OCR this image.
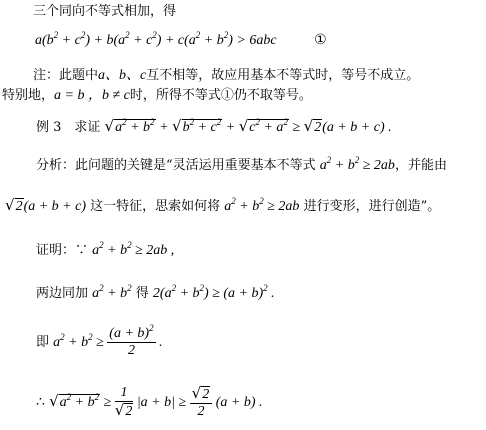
三个同向不等式相加，得
$a(b^2 + c^2) + b(a^2 + c^2) + c(a^2 + b^2) > 6abc$ ①
注：此题中a、b、c互不相等，故应用基本不等式时，等号不成立。
特别地，a = b ，b ≠ c时，所得不等式①仍不取等号。
例 3　求证 $√a^2 + b^2 + √b^2 + c^2 + √c^2 + a^2 \ge √2(a + b + c)$ .
分析：此问题的关键是“灵活运用重要基本不等式 $a^2 + b^2 \ge 2ab$，并能由
√2(a + b + c) 这一特征，思索如何将 $a^2 + b^2 \ge 2ab$ 进行变形，进行创造”。
证明：∵ $a^2 + b^2 \ge 2ab$ ,
两边同加 $a^2 + b^2$ 得 $2(a^2 + b^2) \ge (a + b)^2$ .
即 $a^2 + b^2 \ge \frac{(a + b)^2}{2}$ .
∴ $√a^2 + b^2 \ge \frac{1}{√2} |a + b| \ge \frac{√2}{2} (a + b)$ .
